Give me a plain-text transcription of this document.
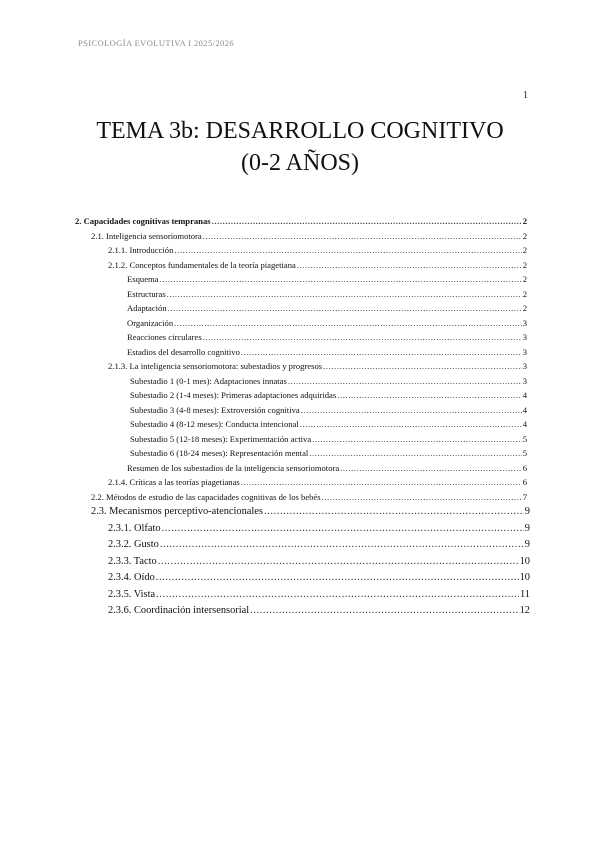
PSICOLOGÍA EVOLUTIVA I 2025/2026
1
TEMA 3b: DESARROLLO COGNITIVO
(0-2 AÑOS)
2. Capacidades cognitivas tempranas .....	2
2.1. Inteligencia sensoriomotora .....	2
2.1.1. Introducción .....	2
2.1.2. Conceptos fundamentales de la teoría piagetiana .....	2
Esquema .....	2
Estructuras .....	2
Adaptación .....	2
Organización .....	3
Reacciones circulares .....	3
Estadios del desarrollo cognitivo .....	3
2.1.3. La inteligencia sensoriomotora: subestadios y progresos .....	3
Subestadio 1 (0-1 mes): Adaptaciones innatas .....	3
Subestadio 2 (1-4 meses): Primeras adaptaciones adquiridas .....	4
Subestadio 3 (4-8 meses): Extroversión cognitiva .....	4
Subestadio 4 (8-12 meses): Conducta intencional .....	4
Subestadio 5 (12-18 meses): Experimentación activa .....	5
Subestadio 6 (18-24 meses): Representación mental .....	5
Resumen de los subestadios de la inteligencia sensoriomotora .....	6
2.1.4. Críticas a las teorías piagetianas .....	6
2.2. Métodos de estudio de las capacidades cognitivas de los bebés .....	7
2.3. Mecanismos perceptivo-atencionales .....	9
2.3.1. Olfato .....	9
2.3.2. Gusto .....	9
2.3.3. Tacto .....	10
2.3.4. Oído .....	10
2.3.5. Vista .....	11
2.3.6. Coordinación intersensorial .....	12
